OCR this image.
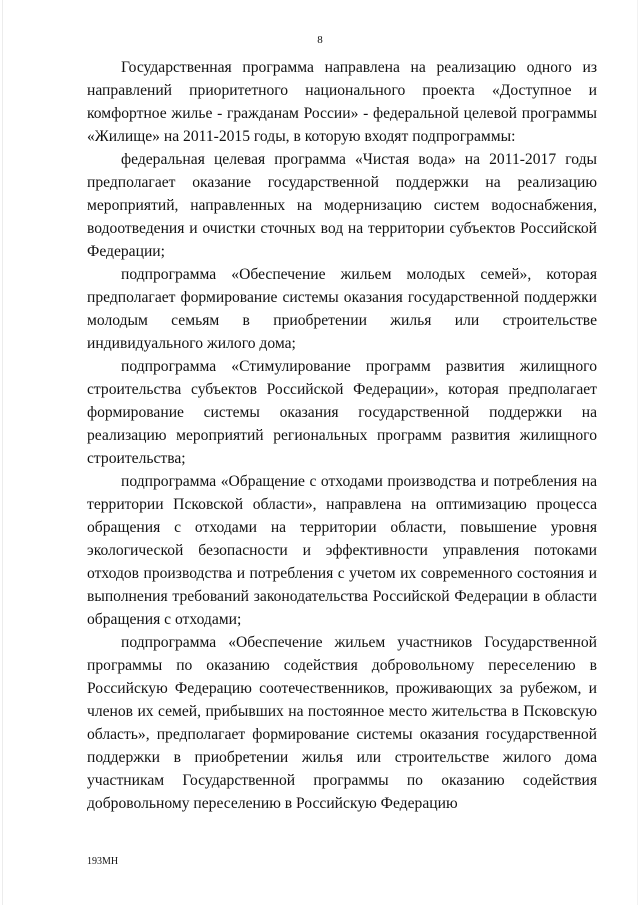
8

Государственная программа направлена на реализацию одного из направлений приоритетного национального проекта «Доступное и комфортное жилье - гражданам России» - федеральной целевой программы «Жилище» на 2011-2015 годы, в которую входят подпрограммы:

федеральная целевая программа «Чистая вода» на 2011-2017 годы предполагает оказание государственной поддержки на реализацию мероприятий, направленных на модернизацию систем водоснабжения, водоотведения и очистки сточных вод на территории субъектов Российской Федерации;

подпрограмма «Обеспечение жильем молодых семей», которая предполагает формирование системы оказания государственной поддержки молодым семьям в приобретении жилья или строительстве индивидуального жилого дома;

подпрограмма «Стимулирование программ развития жилищного строительства субъектов Российской Федерации», которая предполагает формирование системы оказания государственной поддержки на реализацию мероприятий региональных программ развития жилищного строительства;

подпрограмма «Обращение с отходами производства и потребления на территории Псковской области», направлена на оптимизацию процесса обращения с отходами на территории области, повышение уровня экологической безопасности и эффективности управления потоками отходов производства и потребления с учетом их современного состояния и выполнения требований законодательства Российской Федерации в области обращения с отходами;

подпрограмма «Обеспечение жильем участников Государственной программы по оказанию содействия добровольному переселению в Российскую Федерацию соотечественников, проживающих за рубежом, и членов их семей, прибывших на постоянное место жительства в Псковскую область», предполагает формирование системы оказания государственной поддержки в приобретении жилья или строительстве жилого дома участникам Государственной программы по оказанию содействия добровольному переселению в Российскую Федерацию

193МН
